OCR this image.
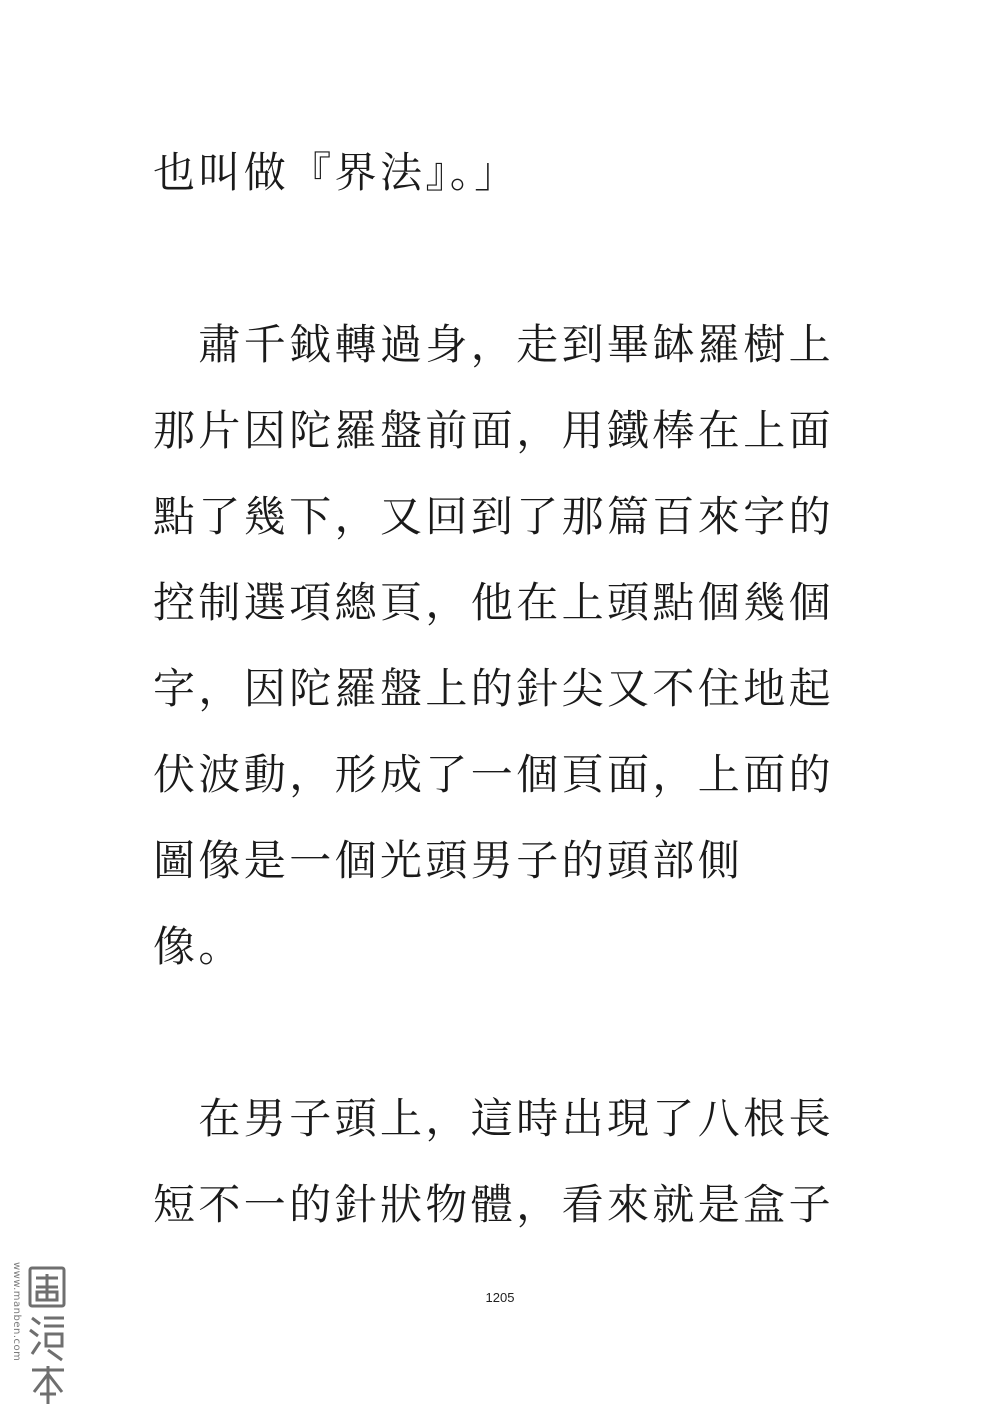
也叫做『界法』。」
　肅千鉞轉過身，走到畢缽羅樹上
那片因陀羅盤前面，用鐵棒在上面
點了幾下，又回到了那篇百來字的
控制選項總頁，他在上頭點個幾個
字，因陀羅盤上的針尖又不住地起
伏波動，形成了一個頁面，上面的
圖像是一個光頭男子的頭部側
像。
　在男子頭上，這時出現了八根長
短不一的針狀物體，看來就是盒子
1205
www.manben.com
